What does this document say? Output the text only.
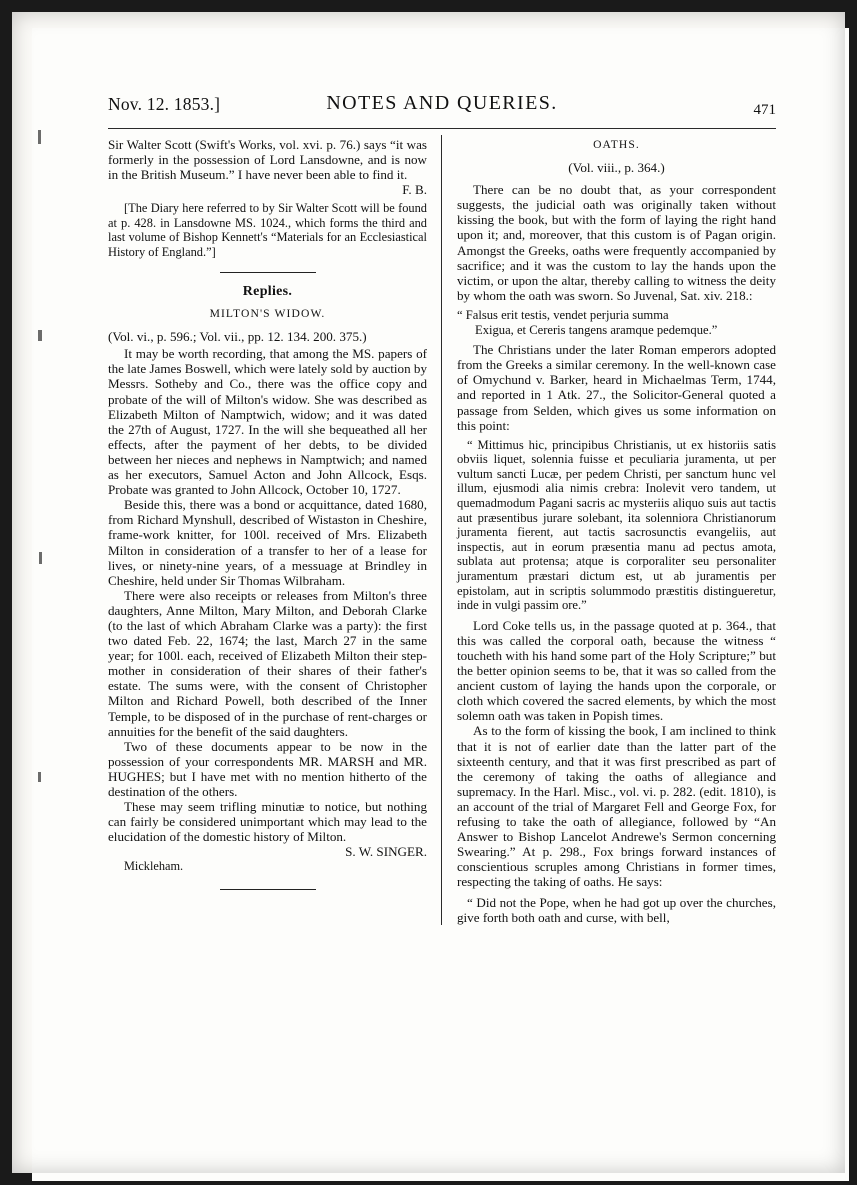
Nov. 12. 1853.]	NOTES AND QUERIES.	471

Sir Walter Scott (Swift's Works, vol. xvi. p. 76.) says “it was formerly in the possession of Lord Lansdowne, and is now in the British Museum.” I have never been able to find it.

F. B.

[The Diary here referred to by Sir Walter Scott will be found at p. 428. in Lansdowne MS. 1024., which forms the third and last volume of Bishop Kennett's “Materials for an Ecclesiastical History of England.”]

Replies.
MILTON'S WIDOW.

(Vol. vi., p. 596.; Vol. vii., pp. 12. 134. 200. 375.)

It may be worth recording, that among the MS. papers of the late James Boswell, which were lately sold by auction by Messrs. Sotheby and Co., there was the office copy and probate of the will of Milton's widow. She was described as Elizabeth Milton of Namptwich, widow; and it was dated the 27th of August, 1727. In the will she bequeathed all her effects, after the payment of her debts, to be divided between her nieces and nephews in Namptwich; and named as her executors, Samuel Acton and John Allcock, Esqs. Probate was granted to John Allcock, October 10, 1727.

Beside this, there was a bond or acquittance, dated 1680, from Richard Mynshull, described of Wistaston in Cheshire, frame-work knitter, for 100l. received of Mrs. Elizabeth Milton in consideration of a transfer to her of a lease for lives, or ninety-nine years, of a messuage at Brindley in Cheshire, held under Sir Thomas Wilbraham.

There were also receipts or releases from Milton's three daughters, Anne Milton, Mary Milton, and Deborah Clarke (to the last of which Abraham Clarke was a party): the first two dated Feb. 22, 1674; the last, March 27 in the same year; for 100l. each, received of Elizabeth Milton their step-mother in consideration of their shares of their father's estate. The sums were, with the consent of Christopher Milton and Richard Powell, both described of the Inner Temple, to be disposed of in the purchase of rent-charges or annuities for the benefit of the said daughters.

Two of these documents appear to be now in the possession of your correspondents MR. MARSH and MR. HUGHES; but I have met with no mention hitherto of the destination of the others.

These may seem trifling minutiæ to notice, but nothing can fairly be considered unimportant which may lead to the elucidation of the domestic history of Milton.

S. W. SINGER.

Mickleham.

OATHS.

(Vol. viii., p. 364.)

There can be no doubt that, as your correspondent suggests, the judicial oath was originally taken without kissing the book, but with the form of laying the right hand upon it; and, moreover, that this custom is of Pagan origin. Amongst the Greeks, oaths were frequently accompanied by sacrifice; and it was the custom to lay the hands upon the victim, or upon the altar, thereby calling to witness the deity by whom the oath was sworn. So Juvenal, Sat. xiv. 218.:

“ Falsus erit testis, vendet perjuria summa
Exigua, et Cereris tangens aramque pedemque.”

The Christians under the later Roman emperors adopted from the Greeks a similar ceremony. In the well-known case of Omychund v. Barker, heard in Michaelmas Term, 1744, and reported in 1 Atk. 27., the Solicitor-General quoted a passage from Selden, which gives us some information on this point:

“ Mittimus hic, principibus Christianis, ut ex historiis satis obviis liquet, solennia fuisse et peculiaria juramenta, ut per vultum sancti Lucæ, per pedem Christi, per sanctum hunc vel illum, ejusmodi alia nimis crebra: Inolevit vero tandem, ut quemadmodum Pagani sacris ac mysteriis aliquo suis aut tactis aut præsentibus jurare solebant, ita solenniora Christianorum juramenta fierent, aut tactis sacrosunctis evangeliis, aut inspectis, aut in eorum præsentia manu ad pectus amota, sublata aut protensa; atque is corporaliter seu personaliter juramentum præstari dictum est, ut ab juramentis per epistolam, aut in scriptis solummodo præstitis distingueretur, inde in vulgi passim ore.”

Lord Coke tells us, in the passage quoted at p. 364., that this was called the corporal oath, because the witness “ toucheth with his hand some part of the Holy Scripture;” but the better opinion seems to be, that it was so called from the ancient custom of laying the hands upon the corporale, or cloth which covered the sacred elements, by which the most solemn oath was taken in Popish times.

As to the form of kissing the book, I am inclined to think that it is not of earlier date than the latter part of the sixteenth century, and that it was first prescribed as part of the ceremony of taking the oaths of allegiance and supremacy. In the Harl. Misc., vol. vi. p. 282. (edit. 1810), is an account of the trial of Margaret Fell and George Fox, for refusing to take the oath of allegiance, followed by “An Answer to Bishop Lancelot Andrewe's Sermon concerning Swearing.” At p. 298., Fox brings forward instances of conscientious scruples among Christians in former times, respecting the taking of oaths. He says:

“ Did not the Pope, when he had got up over the churches, give forth both oath and curse, with bell,
